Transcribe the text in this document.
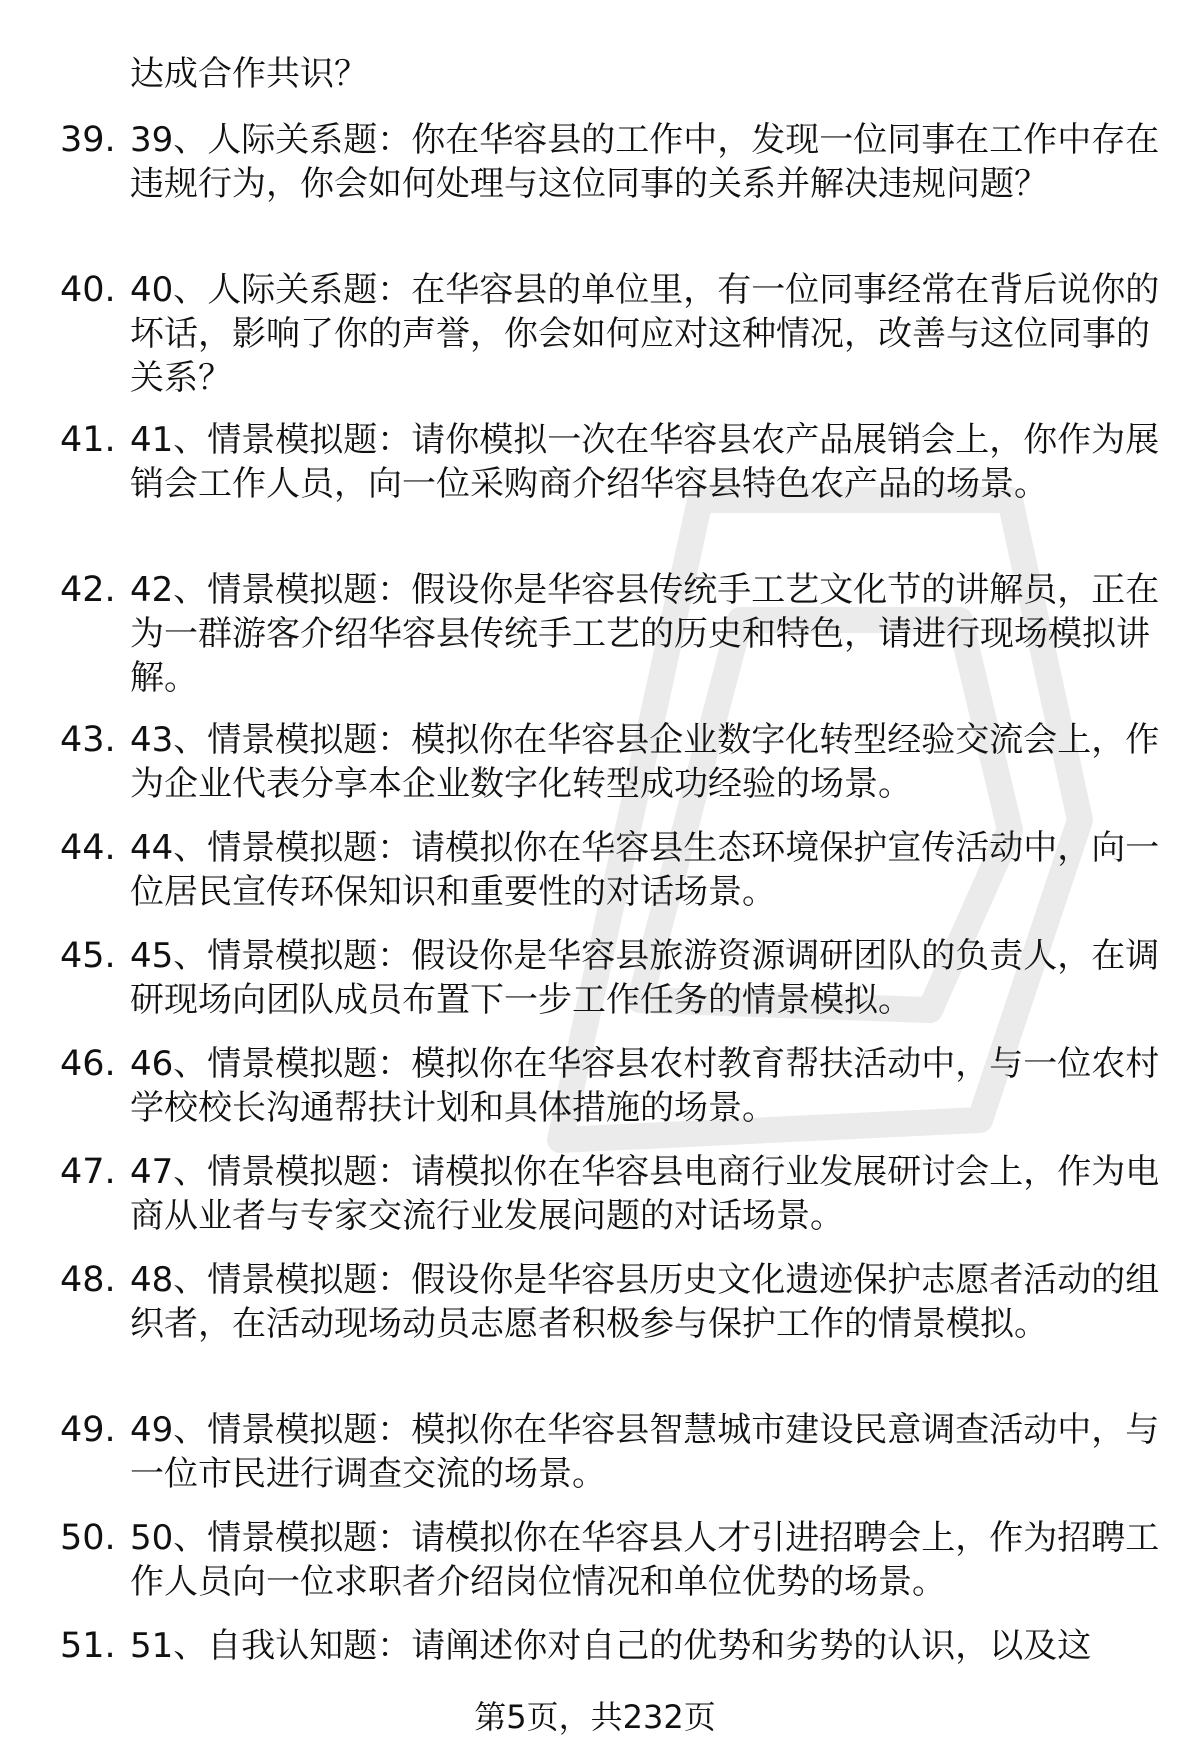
达成合作共识？
39. 39、人际关系题：你在华容县的工作中，发现一位同事在工作中存在违规行为，你会如何处理与这位同事的关系并解决违规问题？
40. 40、人际关系题：在华容县的单位里，有一位同事经常在背后说你的坏话，影响了你的声誉，你会如何应对这种情况，改善与这位同事的关系？
41. 41、情景模拟题：请你模拟一次在华容县农产品展销会上，你作为展销会工作人员，向一位采购商介绍华容县特色农产品的场景。
42. 42、情景模拟题：假设你是华容县传统手工艺文化节的讲解员，正在为一群游客介绍华容县传统手工艺的历史和特色，请进行现场模拟讲解。
43. 43、情景模拟题：模拟你在华容县企业数字化转型经验交流会上，作为企业代表分享本企业数字化转型成功经验的场景。
44. 44、情景模拟题：请模拟你在华容县生态环境保护宣传活动中，向一位居民宣传环保知识和重要性的对话场景。
45. 45、情景模拟题：假设你是华容县旅游资源调研团队的负责人，在调研现场向团队成员布置下一步工作任务的情景模拟。
46. 46、情景模拟题：模拟你在华容县农村教育帮扶活动中，与一位农村学校校长沟通帮扶计划和具体措施的场景。
47. 47、情景模拟题：请模拟你在华容县电商行业发展研讨会上，作为电商从业者与专家交流行业发展问题的对话场景。
48. 48、情景模拟题：假设你是华容县历史文化遗迹保护志愿者活动的组织者，在活动现场动员志愿者积极参与保护工作的情景模拟。
49. 49、情景模拟题：模拟你在华容县智慧城市建设民意调查活动中，与一位市民进行调查交流的场景。
50. 50、情景模拟题：请模拟你在华容县人才引进招聘会上，作为招聘工作人员向一位求职者介绍岗位情况和单位优势的场景。
51. 51、自我认知题：请阐述你对自己的优势和劣势的认识，以及这
第5页，共232页
